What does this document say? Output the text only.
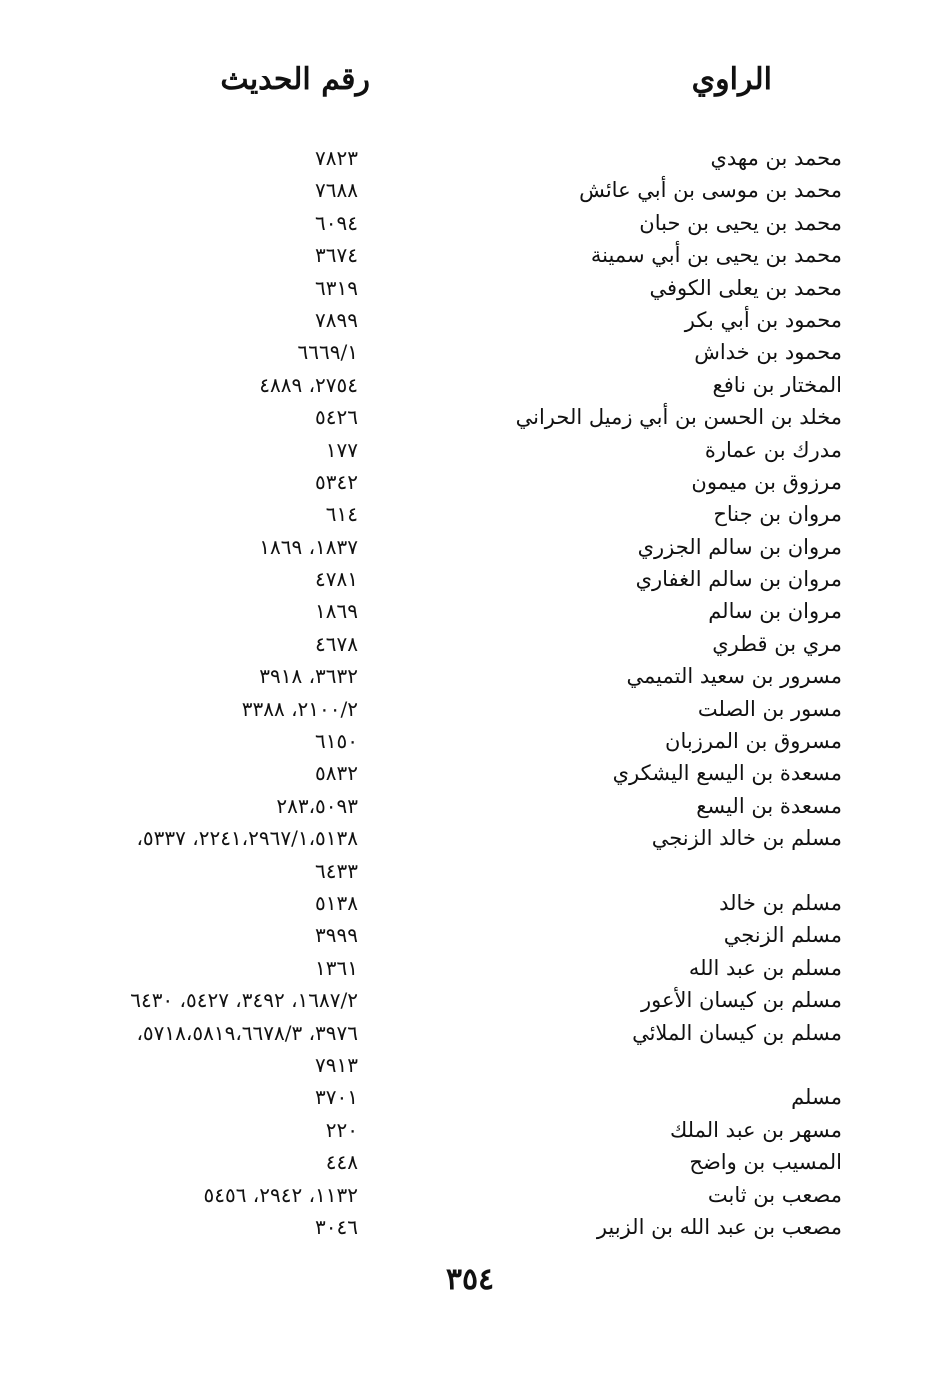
الراوي
رقم الحديث
محمد بن مهدي
٧٨٢٣
محمد بن موسى بن أبي عائش
٧٦٨٨
محمد بن يحيى بن حبان
٦٠٩٤
محمد بن يحيى بن أبي سمينة
٣٦٧٤
محمد بن يعلى الكوفي
٦٣١٩
محمود بن أبي بكر
٧٨٩٩
محمود بن خداش
٦٦٦٩/١
المختار بن نافع
٢٧٥٤، ٤٨٨٩
مخلد بن الحسن بن أبي زميل الحراني
٥٤٢٦
مدرك بن عمارة
١٧٧
مرزوق بن ميمون
٥٣٤٢
مروان بن جناح
٦١٤
مروان بن سالم الجزري
١٨٣٧، ١٨٦٩
مروان بن سالم الغفاري
٤٧٨١
مروان بن سالم
١٨٦٩
مري بن قطري
٤٦٧٨
مسرور بن سعيد التميمي
٣٦٣٢، ٣٩١٨
مسور بن الصلت
٢١٠٠/٢، ٣٣٨٨
مسروق بن المرزبان
٦١٥٠
مسعدة بن اليسع اليشكري
٥٨٣٢
مسعدة بن اليسع
٢٨٣،٥٠٩٣
مسلم بن خالد الزنجي
٢٢٤١،٢٩٦٧/١،٥١٣٨، ٥٣٣٧،
٦٤٣٣
مسلم بن خالد
٥١٣٨
مسلم الزنجي
٣٩٩٩
مسلم بن عبد الله
١٣٦١
مسلم بن كيسان الأعور
١٦٨٧/٢، ٣٤٩٢، ٥٤٢٧، ٦٤٣٠
مسلم بن كيسان الملائي
٣٩٧٦، ٥٧١٨،٥٨١٩،٦٦٧٨/٣،
٧٩١٣
مسلم
٣٧٠١
مسهر بن عبد الملك
٢٢٠
المسيب بن واضح
٤٤٨
مصعب بن ثابت
١١٣٢، ٢٩٤٢، ٥٤٥٦
مصعب بن عبد الله بن الزبير
٣٠٤٦
٣٥٤
